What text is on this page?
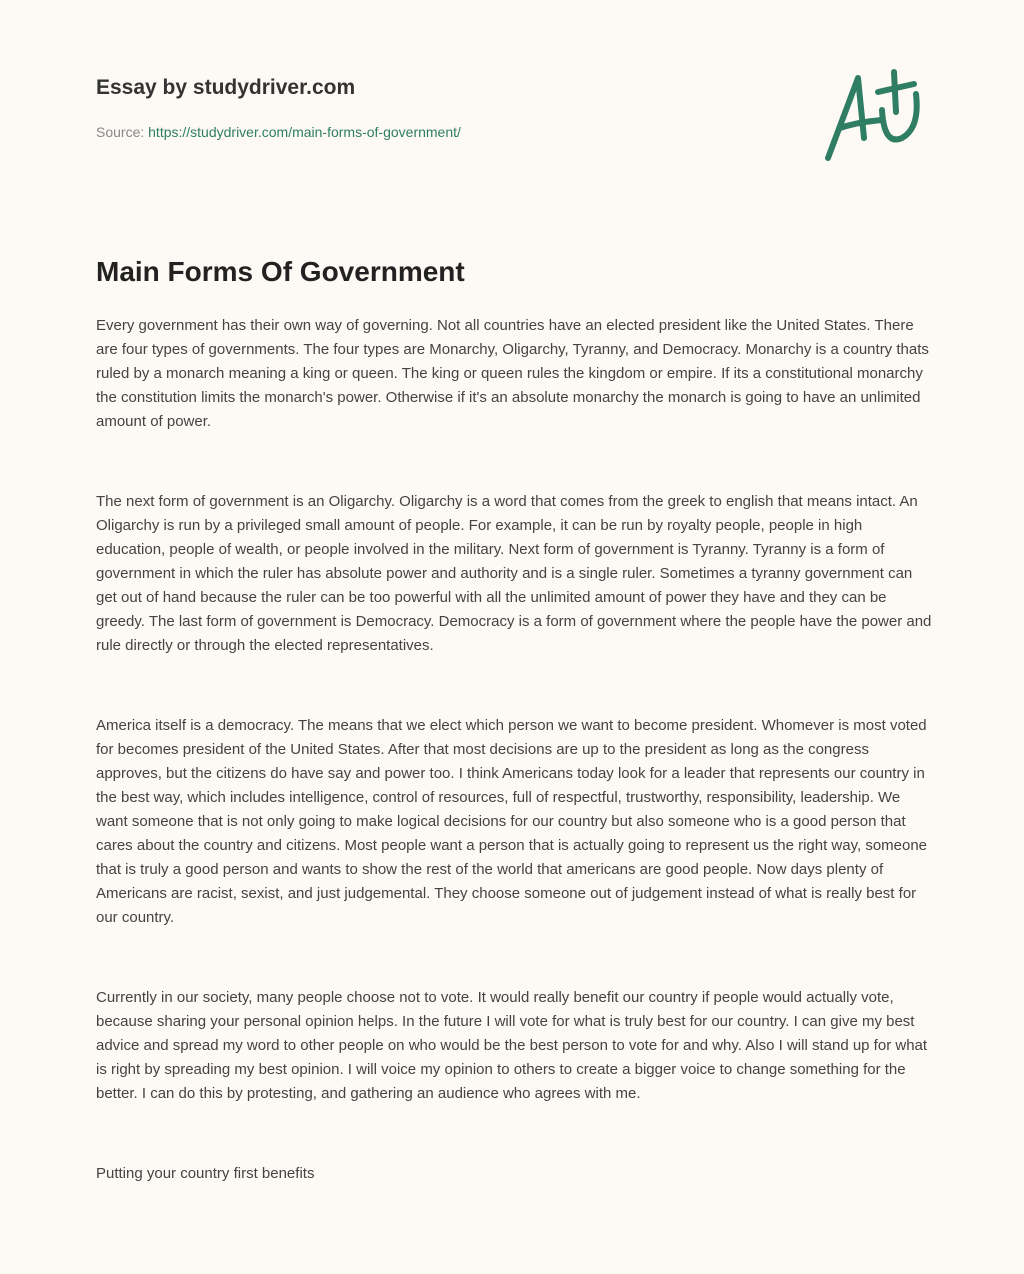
Essay by studydriver.com
Source: https://studydriver.com/main-forms-of-government/
Main Forms Of Government

Every government has their own way of governing. Not all countries have an elected president like the United States. There are four types of governments. The four types are Monarchy, Oligarchy, Tyranny, and Democracy. Monarchy is a country thats ruled by a monarch meaning a king or queen. The king or queen rules the kingdom or empire. If its a constitutional monarchy the constitution limits the monarch's power. Otherwise if it's an absolute monarchy the monarch is going to have an unlimited amount of power.

The next form of government is an Oligarchy. Oligarchy is a word that comes from the greek to english that means intact. An Oligarchy is run by a privileged small amount of people. For example, it can be run by royalty people, people in high education, people of wealth, or people involved in the military. Next form of government is Tyranny. Tyranny is a form of government in which the ruler has absolute power and authority and is a single ruler. Sometimes a tyranny government can get out of hand because the ruler can be too powerful with all the unlimited amount of power they have and they can be greedy. The last form of government is Democracy. Democracy is a form of government where the people have the power and rule directly or through the elected representatives.

America itself is a democracy. The means that we elect which person we want to become president. Whomever is most voted for becomes president of the United States. After that most decisions are up to the president as long as the congress approves, but the citizens do have say and power too. I think Americans today look for a leader that represents our country in the best way, which includes intelligence, control of resources, full of respectful, trustworthy, responsibility, leadership. We want someone that is not only going to make logical decisions for our country but also someone who is a good person that cares about the country and citizens. Most people want a person that is actually going to represent us the right way, someone that is truly a good person and wants to show the rest of the world that americans are good people. Now days plenty of Americans are racist, sexist, and just judgemental. They choose someone out of judgement instead of what is really best for our country.

Currently in our society, many people choose not to vote. It would really benefit our country if people would actually vote, because sharing your personal opinion helps. In the future I will vote for what is truly best for our country. I can give my best advice and spread my word to other people on who would be the best person to vote for and why. Also I will stand up for what is right by spreading my best opinion. I will voice my opinion to others to create a bigger voice to change something for the better. I can do this by protesting, and gathering an audience who agrees with me.

Putting your country first benefits
